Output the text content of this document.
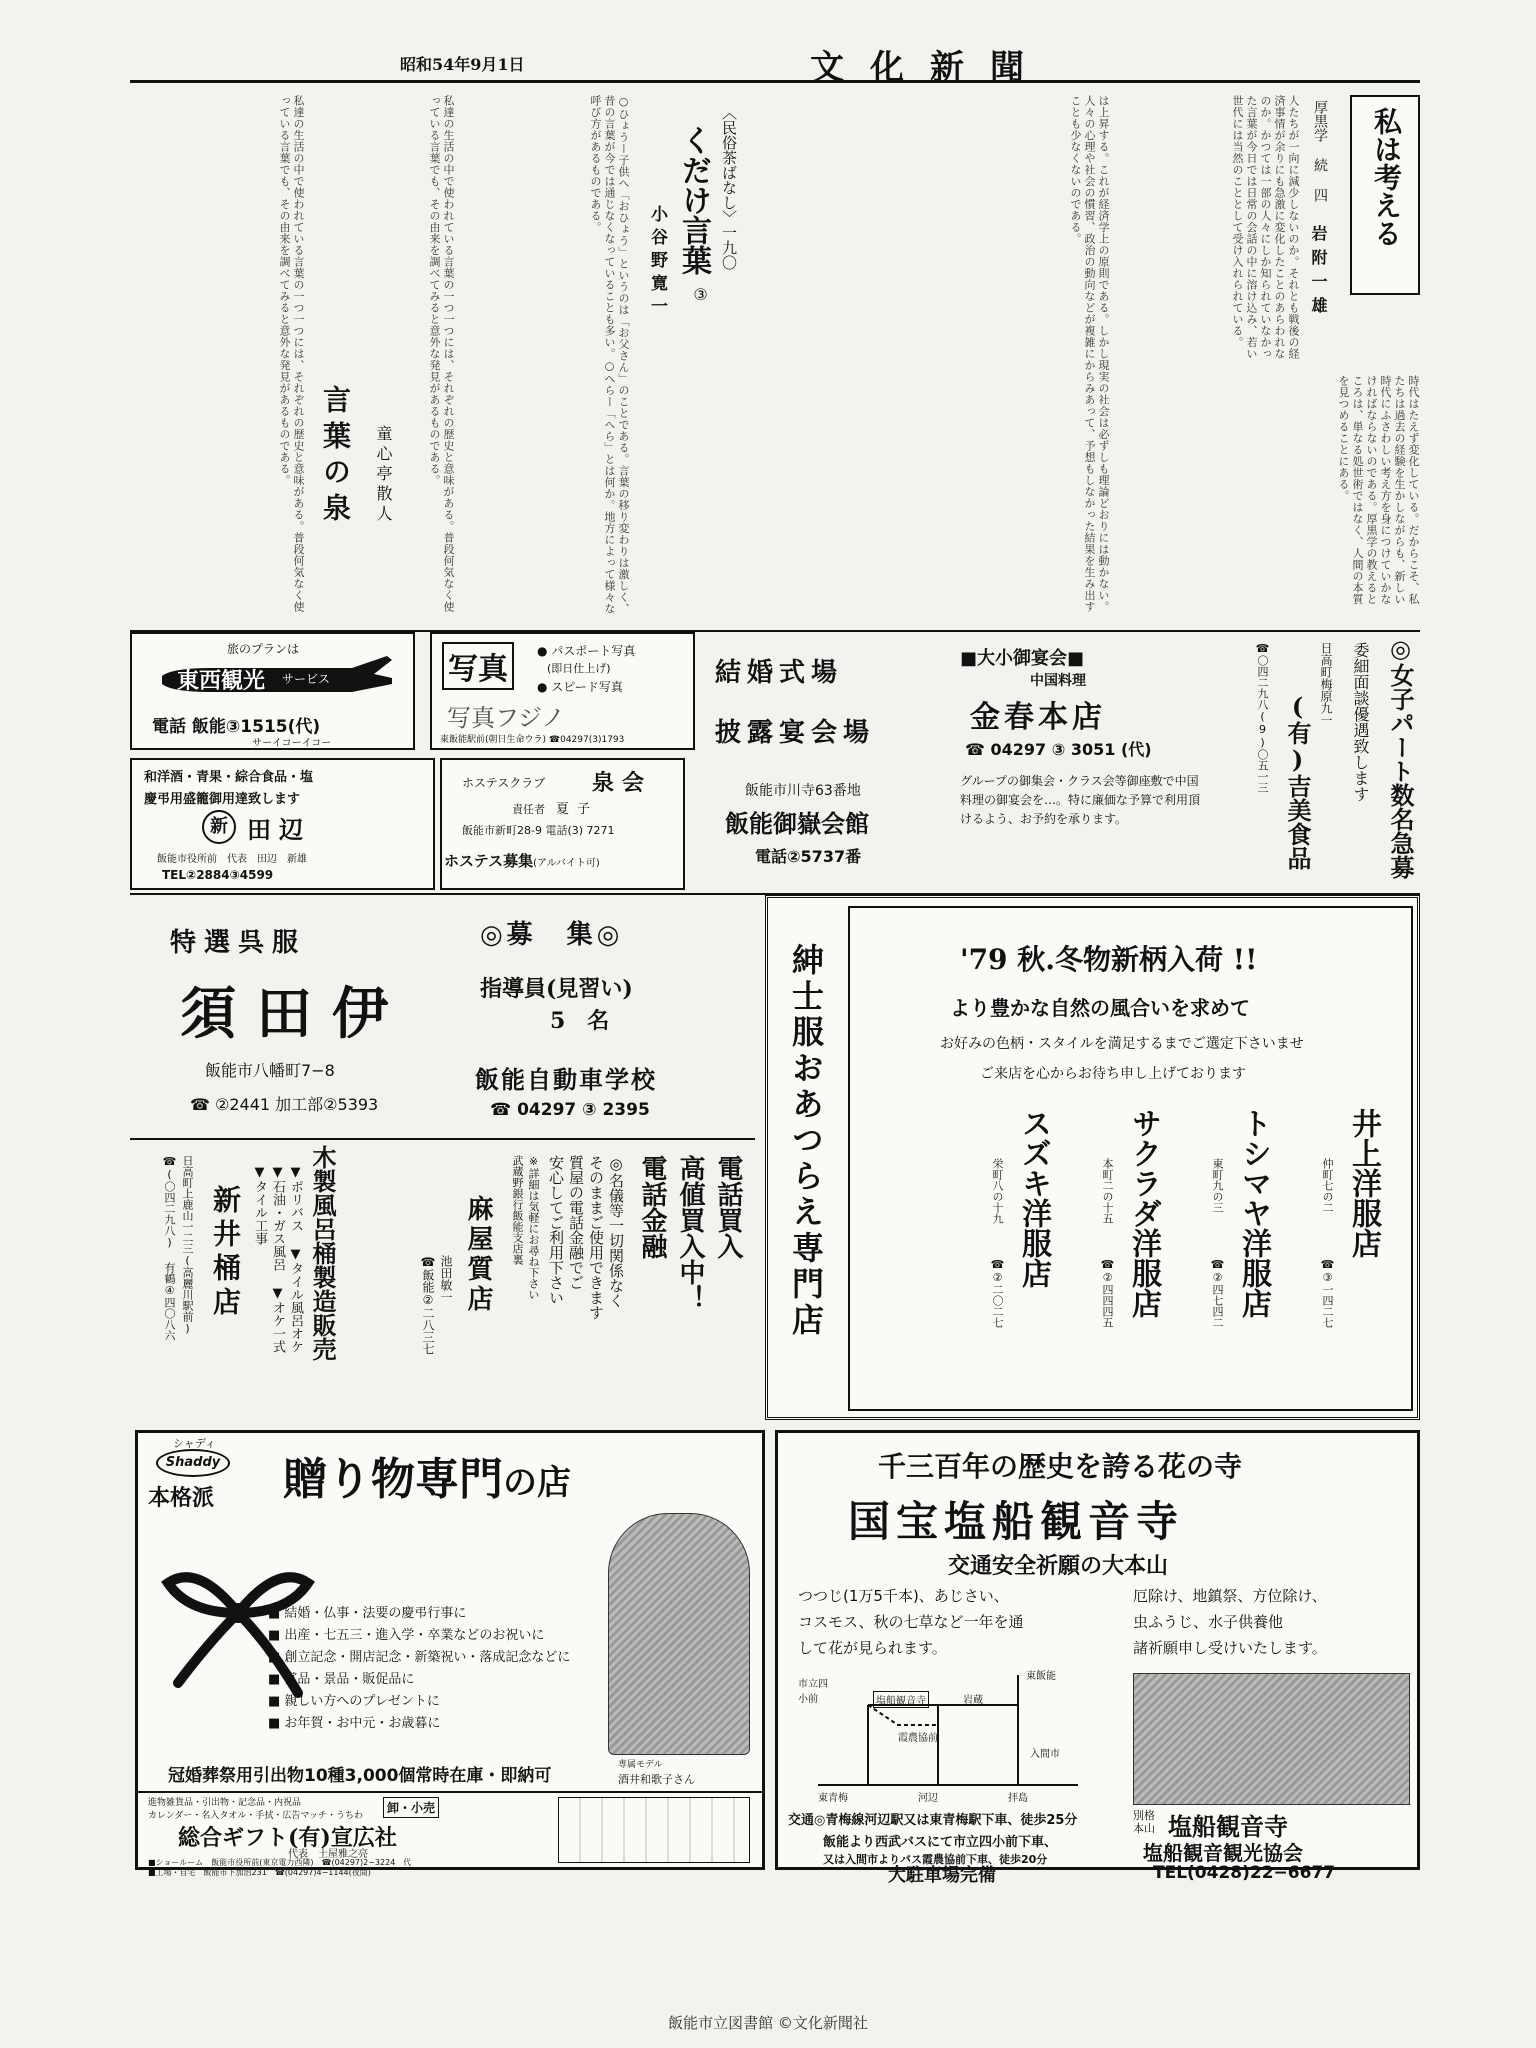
昭和54年9月1日	文化新聞
私は考える
厚黒学 続 四
岩附一雄
人たちが一向に減少しないのか。それとも戦後の経済事情が余りにも急激に変化したことのあらわれなのか。かつては一部の人々にしか知られていなかった言葉が今日では日常の会話の中に溶け込み、若い世代には当然のこととして受け入れられている。
時代はたえず変化している。だからこそ、私たちは過去の経験を生かしながらも、新しい時代にふさわしい考え方を身につけていかなければならないのである。厚黒学の教えるところは、単なる処世術ではなく、人間の本質を見つめることにある。
は上昇する。これが経済学上の原則である。しかし現実の社会は必ずしも理論どおりには動かない。人々の心理や社会の慣習、政治の動向などが複雑にからみあって、予想もしなかった結果を生み出すことも少なくないのである。
〈民俗茶ばなし〉一九〇
くだけ言葉
③
小谷野寛一
○ひょうー子供へ「おひょう」というのは「お父さん」のことである。言葉の移り変わりは激しく、昔の言葉が今では通じなくなっていることも多い。○へらー「へら」とは何か。地方によって様々な呼び方があるものである。
言葉の泉 童心亭散人
私達の生活の中で使われている言葉の一つ一つには、それぞれの歴史と意味がある。普段何気なく使っている言葉でも、その由来を調べてみると意外な発見があるものである。	私達の生活の中で使われている言葉の一つ一つには、それぞれの歴史と意味がある。普段何気なく使っている言葉でも、その由来を調べてみると意外な発見があるものである。
旅のプランは
東西観光 サービス
電話 飯能③1515(代)
サーイコーイコー
写真
● パスポート写真
(即日仕上げ)
● スピード写真
写真フジノ
東飯能駅前(朝日生命ウラ) ☎04297(3)1793
結婚式場
披露宴会場
飯能市川寺63番地
飯能御嶽会館
電話②5737番
■大小御宴会■
中国料理
金春本店
☎ 04297 ③ 3051 (代)
グループの御集会・クラス会等御座敷で中国料理の御宴会を…。特に廉価な予算で利用頂けるよう、お予約を承ります。	◎女子パート数名急募
委細面談優遇致します
日高町梅原九一
(有)吉美食品
☎〇四二九八(9)〇五一三
和洋酒・青果・綜合食品・塩
慶弔用盛籠御用達致します
新 田辺
飯能市役所前　代表　田辺　新雄
TEL②2884③4599
ホステスクラブ 泉会
責任者　 夏子
飯能市新町28-9 電話(3) 7271
ホステス募集(アルバイト可)
特選呉服
須田伊
飯能市八幡町7−8
☎ ②2441 加工部②5393
◎募　集◎
指導員(見習い)
5　名
飯能自動車学校
☎ 04297 ③ 2395	紳士服おあつらえ専門店	'79 秋.冬物新柄入荷 !!
より豊かな自然の風合いを求めて
お好みの色柄・スタイルを満足するまでご選定下さいませ
ご来店を心からお待ち申し上げております
井上洋服店
仲町七の二
☎③一四二七
トシマヤ洋服店
東町九の三
☎②四七四二
サクラダ洋服店
本町二の十五
☎②四四四五
スズキ洋服店
栄町八の十九
☎②二〇二七
木製風呂桶製造販売
▼ポリバス ▼タイル風呂オケ
▼石油・ガス風呂 ▼オケ一式
▼タイル工事
新井桶店
日高町上鹿山一二三(高麗川駅前)
☎(〇四二九八) 有鶴④四〇八六	電話買入
高値買入中！
電話金融
◎名儀等一切関係なく
そのままご使用できます
質屋の電話金融でご
安心してご利用下さい
※詳細は気軽にお尋ね下さい
武蔵野銀行飯能支店裏
麻屋質店
池田敏一
☎飯能②二八三七
シャディ
Shaddy
本格派 贈り物専門の店
■ 結婚・仏事・法要の慶弔行事に
■ 出産・七五三・進入学・卒業などのお祝いに
■ 創立記念・開店記念・新築祝い・落成記念などに
■ 賞品・景品・販促品に
■ 親しい方へのプレゼントに
■ お年賀・お中元・お歳暮に
専属モデル
酒井和歌子さん
冠婚葬祭用引出物10種3,000個常時在庫・即納可
進物雑貨品・引出物・記念品・内祝品
カレンダー・名入タオル・手拭・広告マッチ・うちわ
卸・小売
総合ギフト(有)宣広社
代表　 土屋雅之亮
■ショールーム　飯能市役所前(東京電力西隣)　☎(04297)2−3224　代
■工場・自宅　飯能市下加治231　☎(04297)4−1144(夜間)
千三百年の歴史を誇る花の寺
国宝塩船観音寺
交通安全祈願の大本山
つつじ(1万5千本)、あじさい、
コスモス、秋の七草など一年を通
して花が見られます。
厄除け、地鎮祭、方位除け、
虫ふうじ、水子供養他
諸祈願申し受けいたします。
市立四小前	塩船観音寺	岩蔵
東飯能
霞農協前
入間市
東青梅	河辺	拝島
交通◎青梅線河辺駅又は東青梅駅下車、徒歩25分
飯能より西武バスにて市立四小前下車、
又は入間市よりバス霞農協前下車、徒歩20分
大駐車場完備
別格本山 塩船観音寺
塩船観音観光協会
TEL(0428)22−6677
飯能市立図書館 ©文化新聞社
